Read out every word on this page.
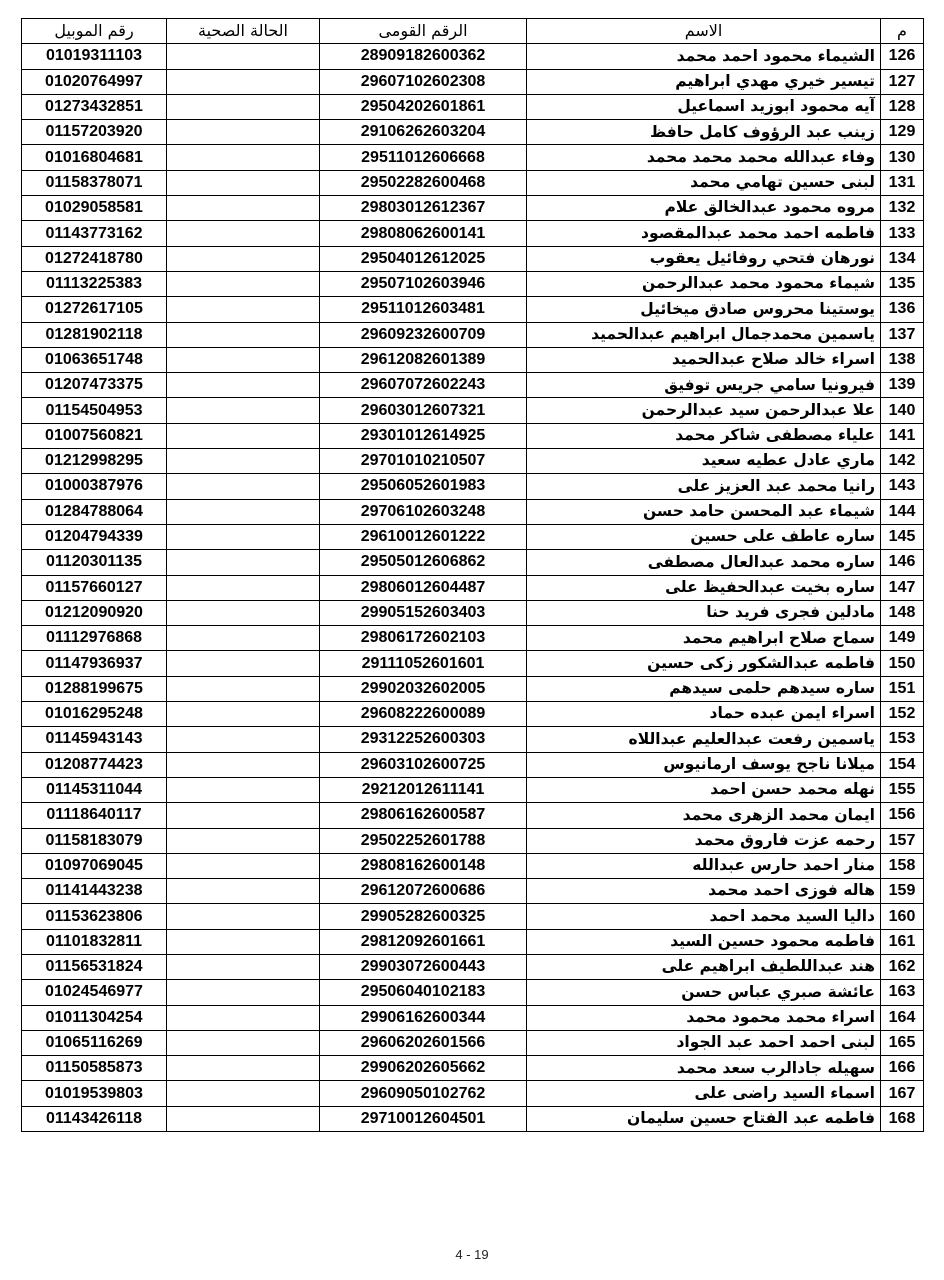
م	الاسم	الرقم القومى	الحالة الصحية	رقم الموبيل
126	الشيماء محمود احمد محمد	28909182600362		01019311103
127	تيسير خيري مهدي ابراهيم	29607102602308		01020764997
128	آيه محمود ابوزيد اسماعيل	29504202601861		01273432851
129	زينب عبد الرؤوف كامل حافظ	29106262603204		01157203920
130	وفاء عبدالله محمد محمد محمد	29511012606668		01016804681
131	لبنى حسين تهامي محمد	29502282600468		01158378071
132	مروه محمود عبدالخالق علام	29803012612367		01029058581
133	فاطمه احمد محمد عبدالمقصود	29808062600141		01143773162
134	نورهان فتحي روفائيل يعقوب	29504012612025		01272418780
135	شيماء محمود محمد عبدالرحمن	29507102603946		01113225383
136	يوستينا محروس صادق ميخائيل	29511012603481		01272617105
137	ياسمين محمدجمال ابراهيم عبدالحميد	29609232600709		01281902118
138	اسراء خالد صلاح عبدالحميد	29612082601389		01063651748
139	فيرونيا سامي جريس توفيق	29607072602243		01207473375
140	علا عبدالرحمن سيد عبدالرحمن	29603012607321		01154504953
141	علياء مصطفى شاكر محمد	29301012614925		01007560821
142	ماري عادل عطيه سعيد	29701010210507		01212998295
143	رانيا محمد عبد العزيز على	29506052601983		01000387976
144	شيماء عبد المحسن حامد حسن	29706102603248		01284788064
145	ساره عاطف على حسين	29610012601222		01204794339
146	ساره محمد عبدالعال مصطفى	29505012606862		01120301135
147	ساره بخيت عبدالحفيظ على	29806012604487		01157660127
148	مادلين فجرى فريد حنا	29905152603403		01212090920
149	سماح صلاح ابراهيم محمد	29806172602103		01112976868
150	فاطمه عبدالشكور زكى حسين	29111052601601		01147936937
151	ساره سيدهم حلمى سيدهم	29902032602005		01288199675
152	اسراء ايمن عبده حماد	29608222600089		01016295248
153	ياسمين رفعت عبدالعليم عبداللاه	29312252600303		01145943143
154	ميلانا ناجح يوسف ارمانيوس	29603102600725		01208774423
155	نهله محمد حسن احمد	29212012611141		01145311044
156	ايمان محمد الزهرى محمد	29806162600587		01118640117
157	رحمه عزت فاروق محمد	29502252601788		01158183079
158	منار احمد حارس عبدالله	29808162600148		01097069045
159	هاله فوزى احمد محمد	29612072600686		01141443238
160	داليا السيد محمد احمد	29905282600325		01153623806
161	فاطمه محمود حسين السيد	29812092601661		01101832811
162	هند عبداللطيف ابراهيم على	29903072600443		01156531824
163	عائشة صبري عباس حسن	29506040102183		01024546977
164	اسراء محمد محمود محمد	29906162600344		01011304254
165	لبنى احمد احمد عبد الجواد	29606202601566		01065116269
166	سهيله جادالرب سعد محمد	29906202605662		01150585873
167	اسماء السيد راضى على	29609050102762		01019539803
168	فاطمه عبد الفتاح حسين سليمان	29710012604501		01143426118
4 - 19
